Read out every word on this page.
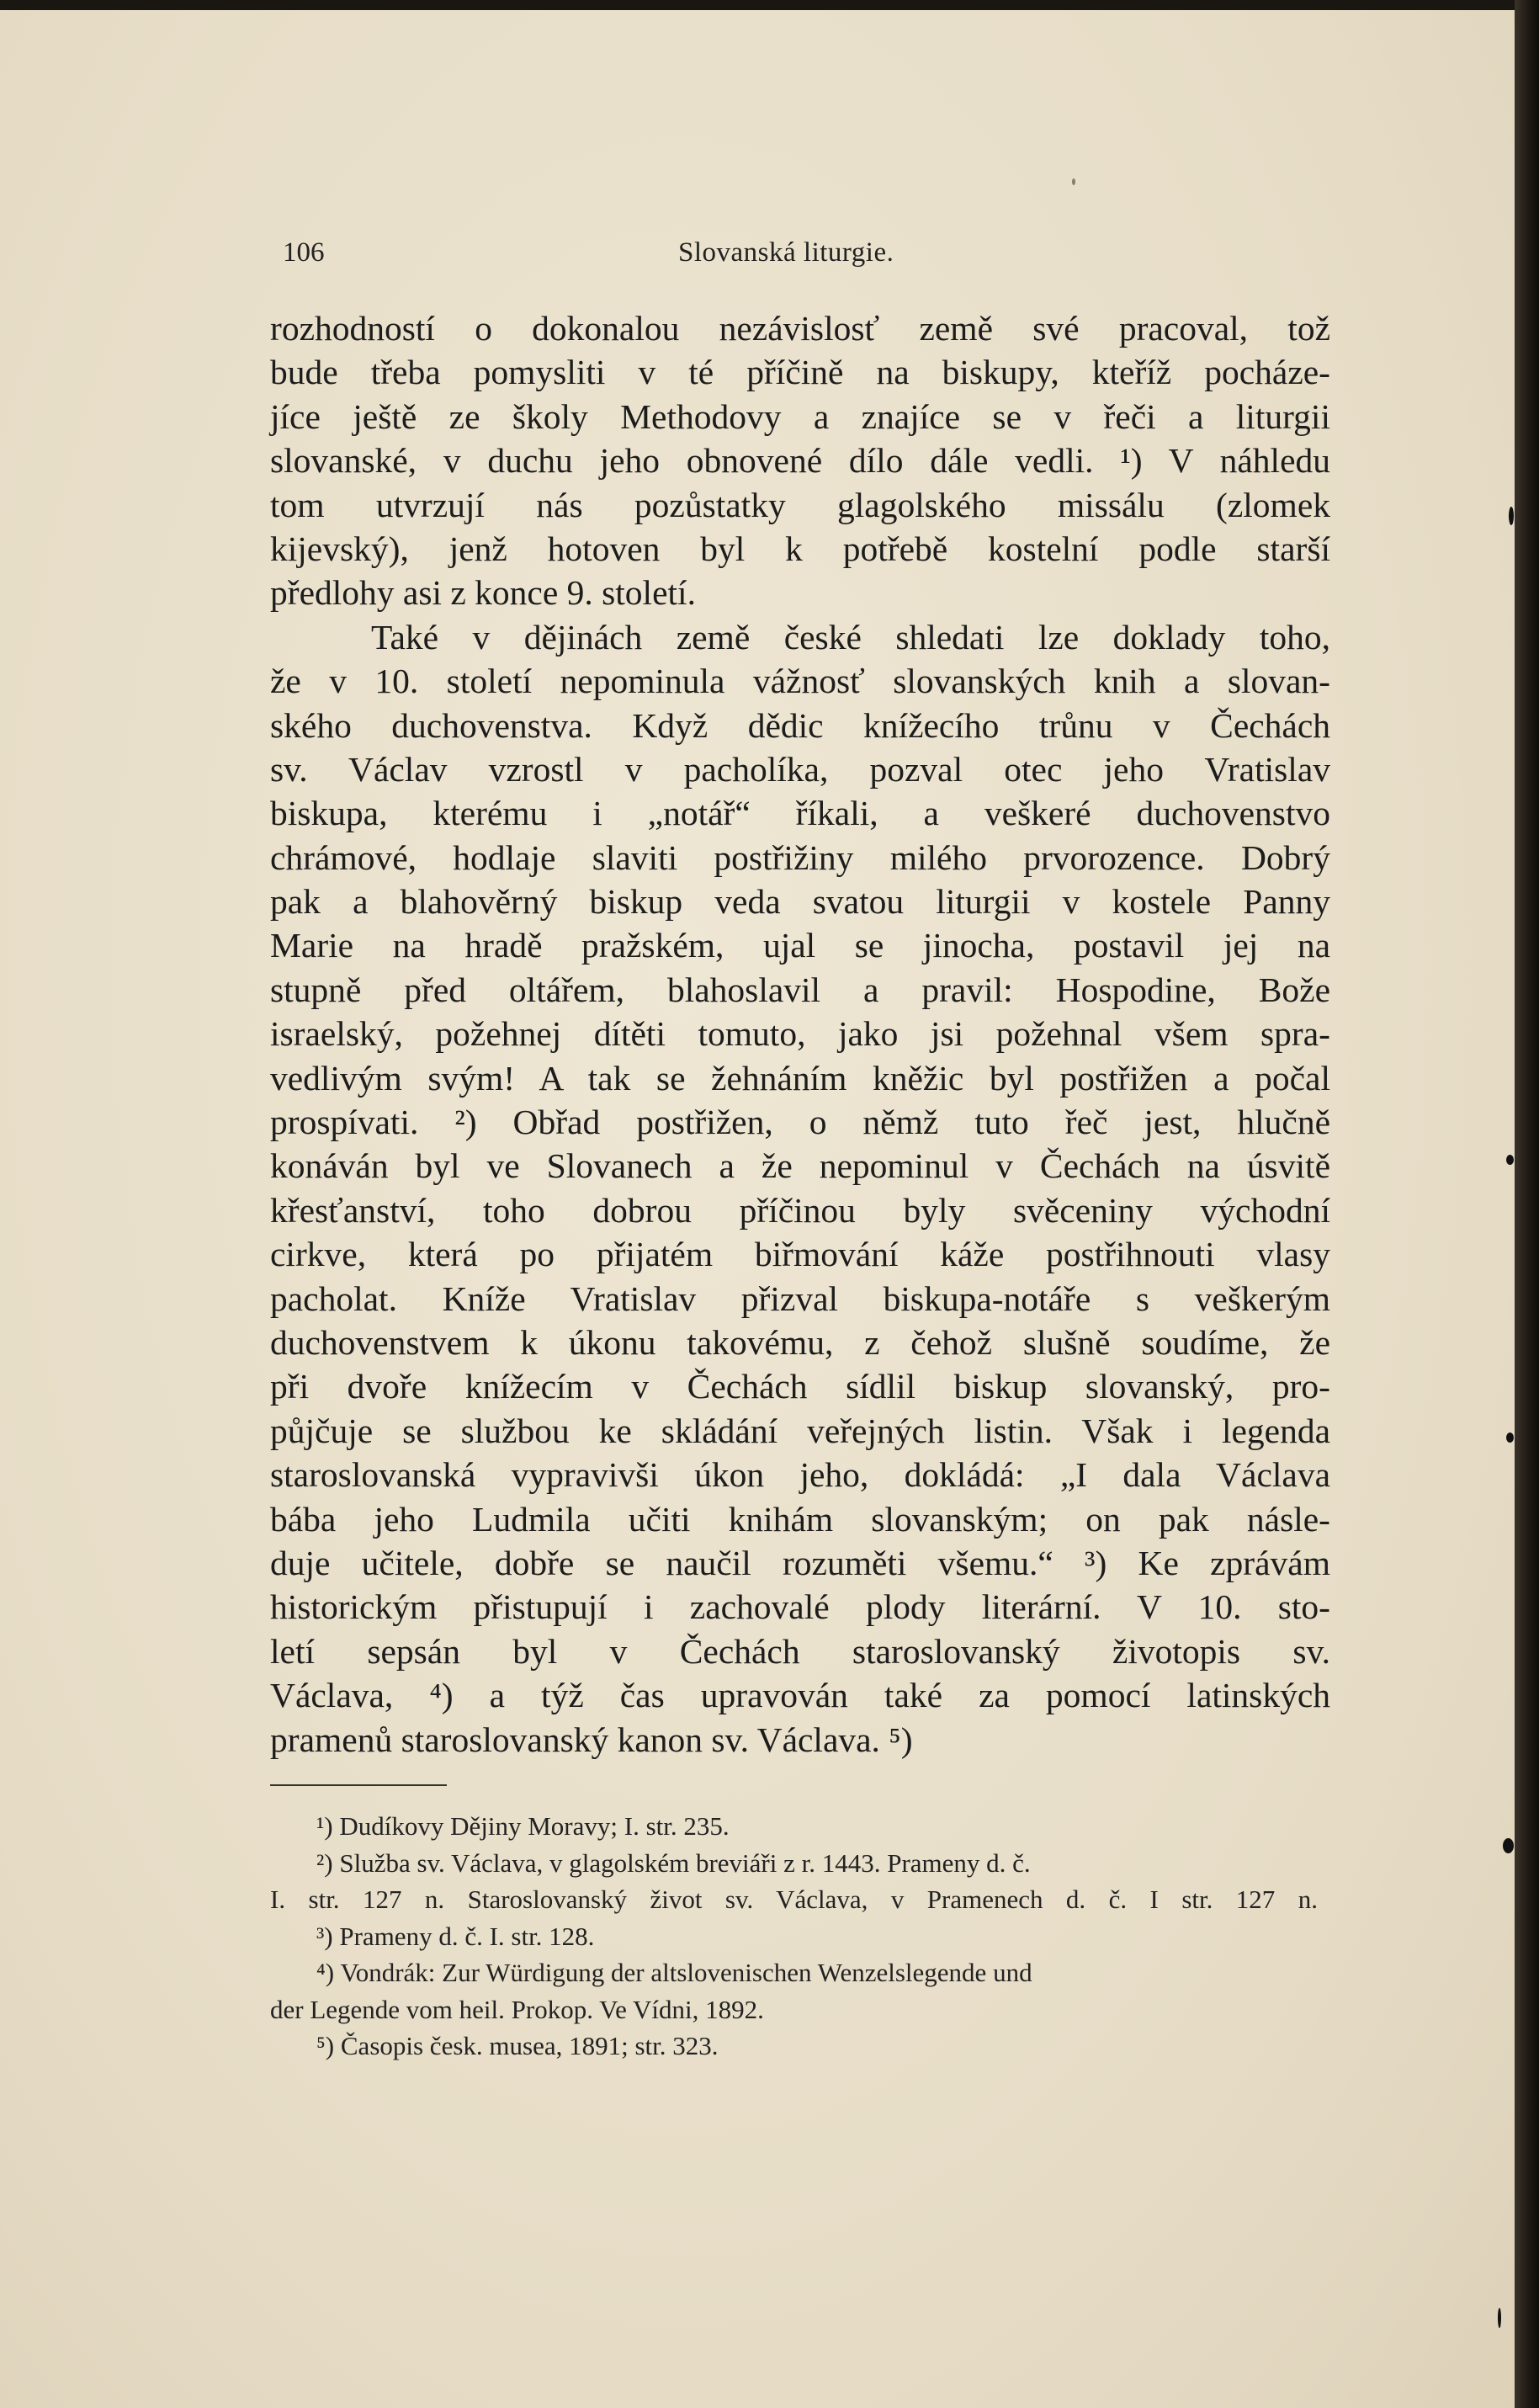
106	Slovanská liturgie.
rozhodností o dokonalou nezávislosť země své pracoval, tož
bude třeba pomysliti v té příčině na biskupy, kteříž pocháze-
jíce ještě ze školy Methodovy a znajíce se v řeči a liturgii
slovanské, v duchu jeho obnovené dílo dále vedli. ¹) V náhledu
tom utvrzují nás pozůstatky glagolského missálu (zlomek
kijevský), jenž hotoven byl k potřebě kostelní podle starší
předlohy asi z konce 9. století.
Také v dějinách země české shledati lze doklady toho,
že v 10. století nepominula vážnosť slovanských knih a slovan-
ského duchovenstva. Když dědic knížecího trůnu v Čechách
sv. Václav vzrostl v pacholíka, pozval otec jeho Vratislav
biskupa, kterému i „notář“ říkali, a veškeré duchovenstvo
chrámové, hodlaje slaviti postřižiny milého prvorozence. Dobrý
pak a blahověrný biskup veda svatou liturgii v kostele Panny
Marie na hradě pražském, ujal se jinocha, postavil jej na
stupně před oltářem, blahoslavil a pravil: Hospodine, Bože
israelský, požehnej dítěti tomuto, jako jsi požehnal všem spra-
vedlivým svým! A tak se žehnáním kněžic byl postřižen a počal
prospívati. ²) Obřad postřižen, o němž tuto řeč jest, hlučně
konáván byl ve Slovanech a že nepominul v Čechách na úsvitě
křesťanství, toho dobrou příčinou byly svěceniny východní
cirkve, která po přijatém biřmování káže postřihnouti vlasy
pacholat. Kníže Vratislav přizval biskupa-notáře s veškerým
duchovenstvem k úkonu takovému, z čehož slušně soudíme, že
při dvoře knížecím v Čechách sídlil biskup slovanský, pro-
půjčuje se službou ke skládání veřejných listin. Však i legenda
staroslovanská vypravivši úkon jeho, dokládá: „I dala Václava
bába jeho Ludmila učiti knihám slovanským; on pak násle-
duje učitele, dobře se naučil rozuměti všemu.“ ³) Ke zprávám
historickým přistupují i zachovalé plody literární. V 10. sto-
letí sepsán byl v Čechách staroslovanský životopis sv.
Václava, ⁴) a týž čas upravován také za pomocí latinských
pramenů staroslovanský kanon sv. Václava. ⁵)
¹) Dudíkovy Dějiny Moravy; I. str. 235.
²) Služba sv. Václava, v glagolském breviáři z r. 1443. Prameny d. č.
I. str. 127 n. Staroslovanský život sv. Václava, v Pramenech d. č. I str. 127 n.
³) Prameny d. č. I. str. 128.
⁴) Vondrák: Zur Würdigung der altslovenischen Wenzelslegende und
der Legende vom heil. Prokop. Ve Vídni, 1892.
⁵) Časopis česk. musea, 1891; str. 323.
